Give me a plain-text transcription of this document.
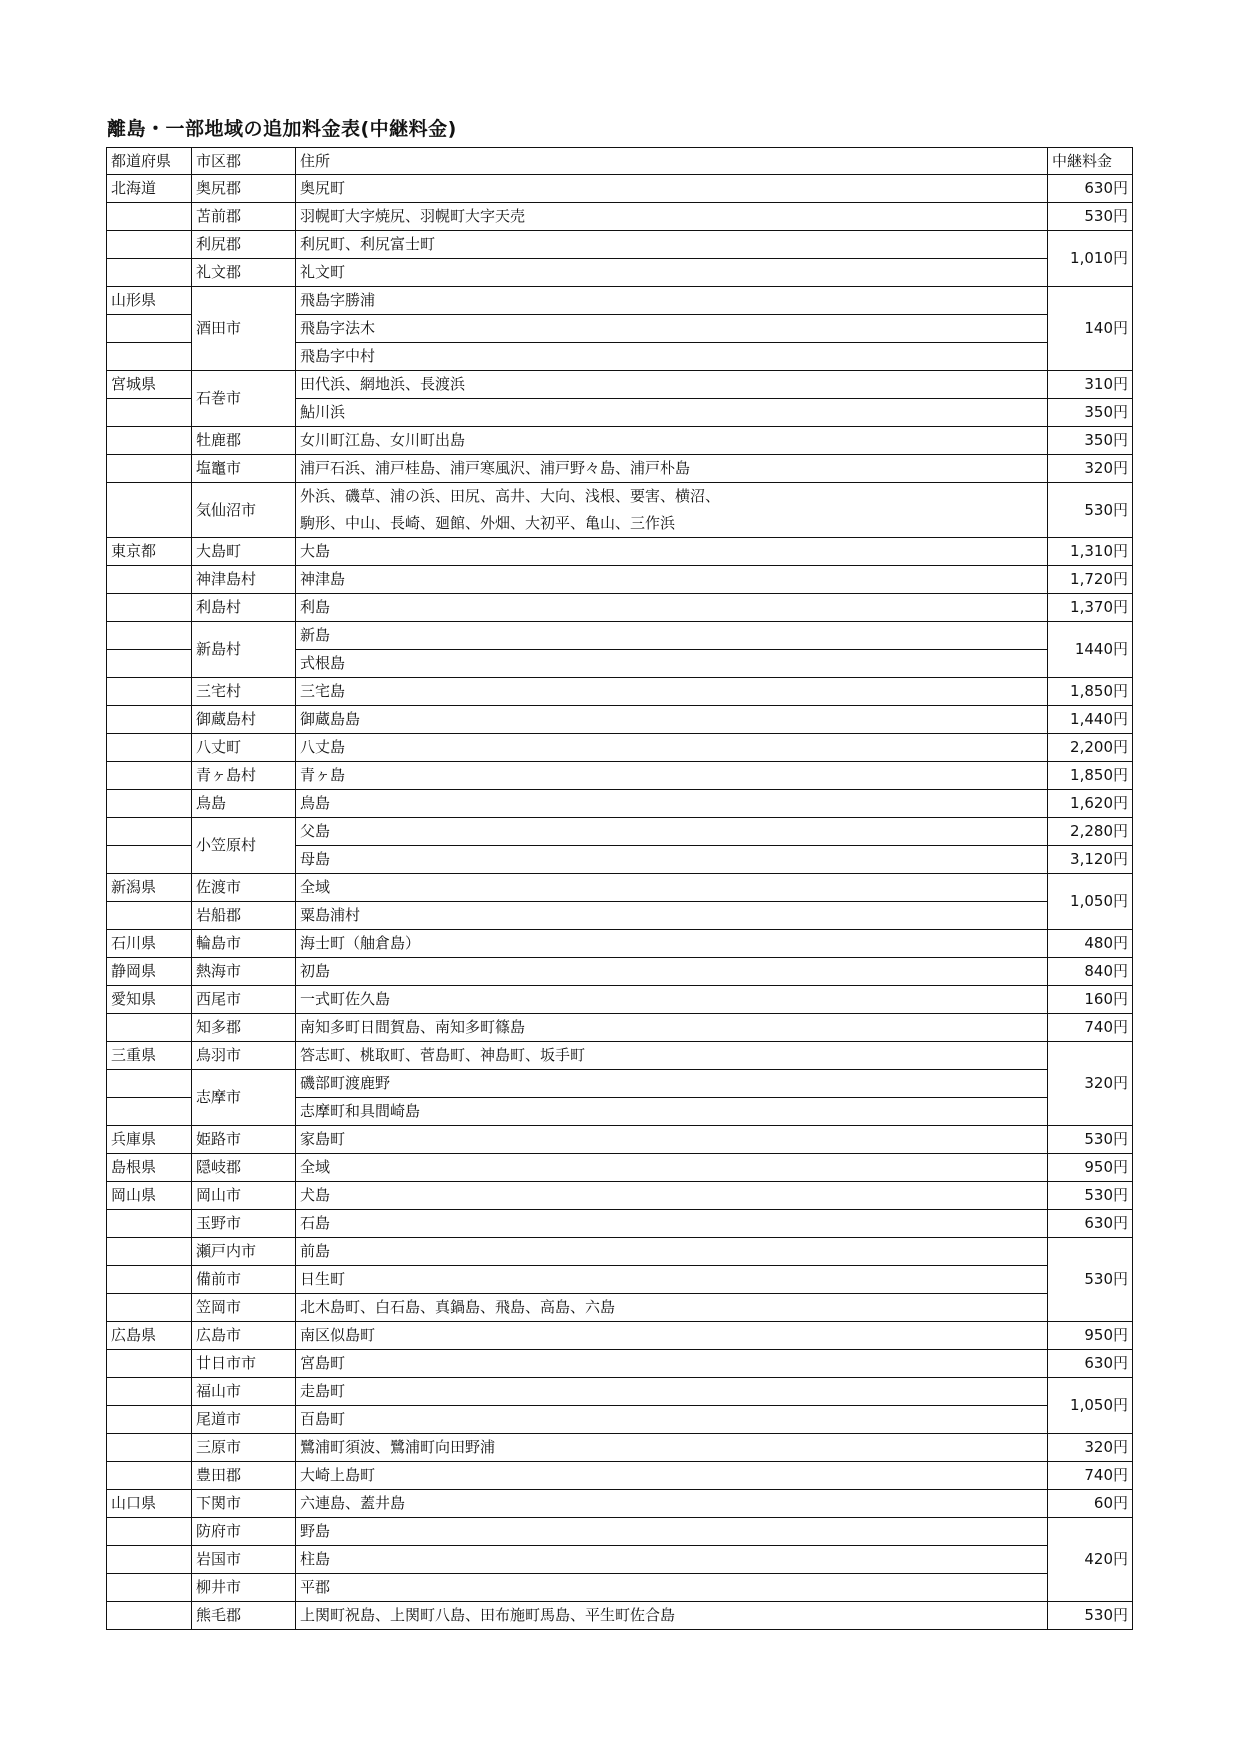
離島・一部地域の追加料金表(中継料金)
都道府県	市区郡	住所	中継料金
北海道	奥尻郡	奥尻町	630円
	苫前郡	羽幌町大字焼尻、羽幌町大字天売	530円
	利尻郡	利尻町、利尻富士町	1,010円
	礼文郡	礼文町	
山形県	酒田市	飛島字勝浦	140円
		飛島字法木	
		飛島字中村	
宮城県	石巻市	田代浜、網地浜、長渡浜	310円
		鮎川浜	350円
	牡鹿郡	女川町江島、女川町出島	350円
	塩竈市	浦戸石浜、浦戸桂島、浦戸寒風沢、浦戸野々島、浦戸朴島	320円
	気仙沼市	外浜、磯草、浦の浜、田尻、高井、大向、浅根、要害、横沼、
駒形、中山、長崎、廻館、外畑、大初平、亀山、三作浜	530円
東京都	大島町	大島	1,310円
	神津島村	神津島	1,720円
	利島村	利島	1,370円
	新島村	新島	1440円
		式根島	
	三宅村	三宅島	1,850円
	御蔵島村	御蔵島島	1,440円
	八丈町	八丈島	2,200円
	青ヶ島村	青ヶ島	1,850円
	鳥島	鳥島	1,620円
	小笠原村	父島	2,280円
		母島	3,120円
新潟県	佐渡市	全域	1,050円
	岩船郡	粟島浦村	
石川県	輪島市	海士町（舳倉島）	480円
静岡県	熱海市	初島	840円
愛知県	西尾市	一式町佐久島	160円
	知多郡	南知多町日間賀島、南知多町篠島	740円
三重県	鳥羽市	答志町、桃取町、菅島町、神島町、坂手町	320円
	志摩市	磯部町渡鹿野	
		志摩町和具間崎島	
兵庫県	姫路市	家島町	530円
島根県	隠岐郡	全域	950円
岡山県	岡山市	犬島	530円
	玉野市	石島	630円
	瀬戸内市	前島	530円
	備前市	日生町	
	笠岡市	北木島町、白石島、真鍋島、飛島、高島、六島	
広島県	広島市	南区似島町	950円
	廿日市市	宮島町	630円
	福山市	走島町	1,050円
	尾道市	百島町	
	三原市	鷺浦町須波、鷺浦町向田野浦	320円
	豊田郡	大崎上島町	740円
山口県	下関市	六連島、蓋井島	60円
	防府市	野島	420円
	岩国市	柱島	
	柳井市	平郡	
	熊毛郡	上関町祝島、上関町八島、田布施町馬島、平生町佐合島	530円
